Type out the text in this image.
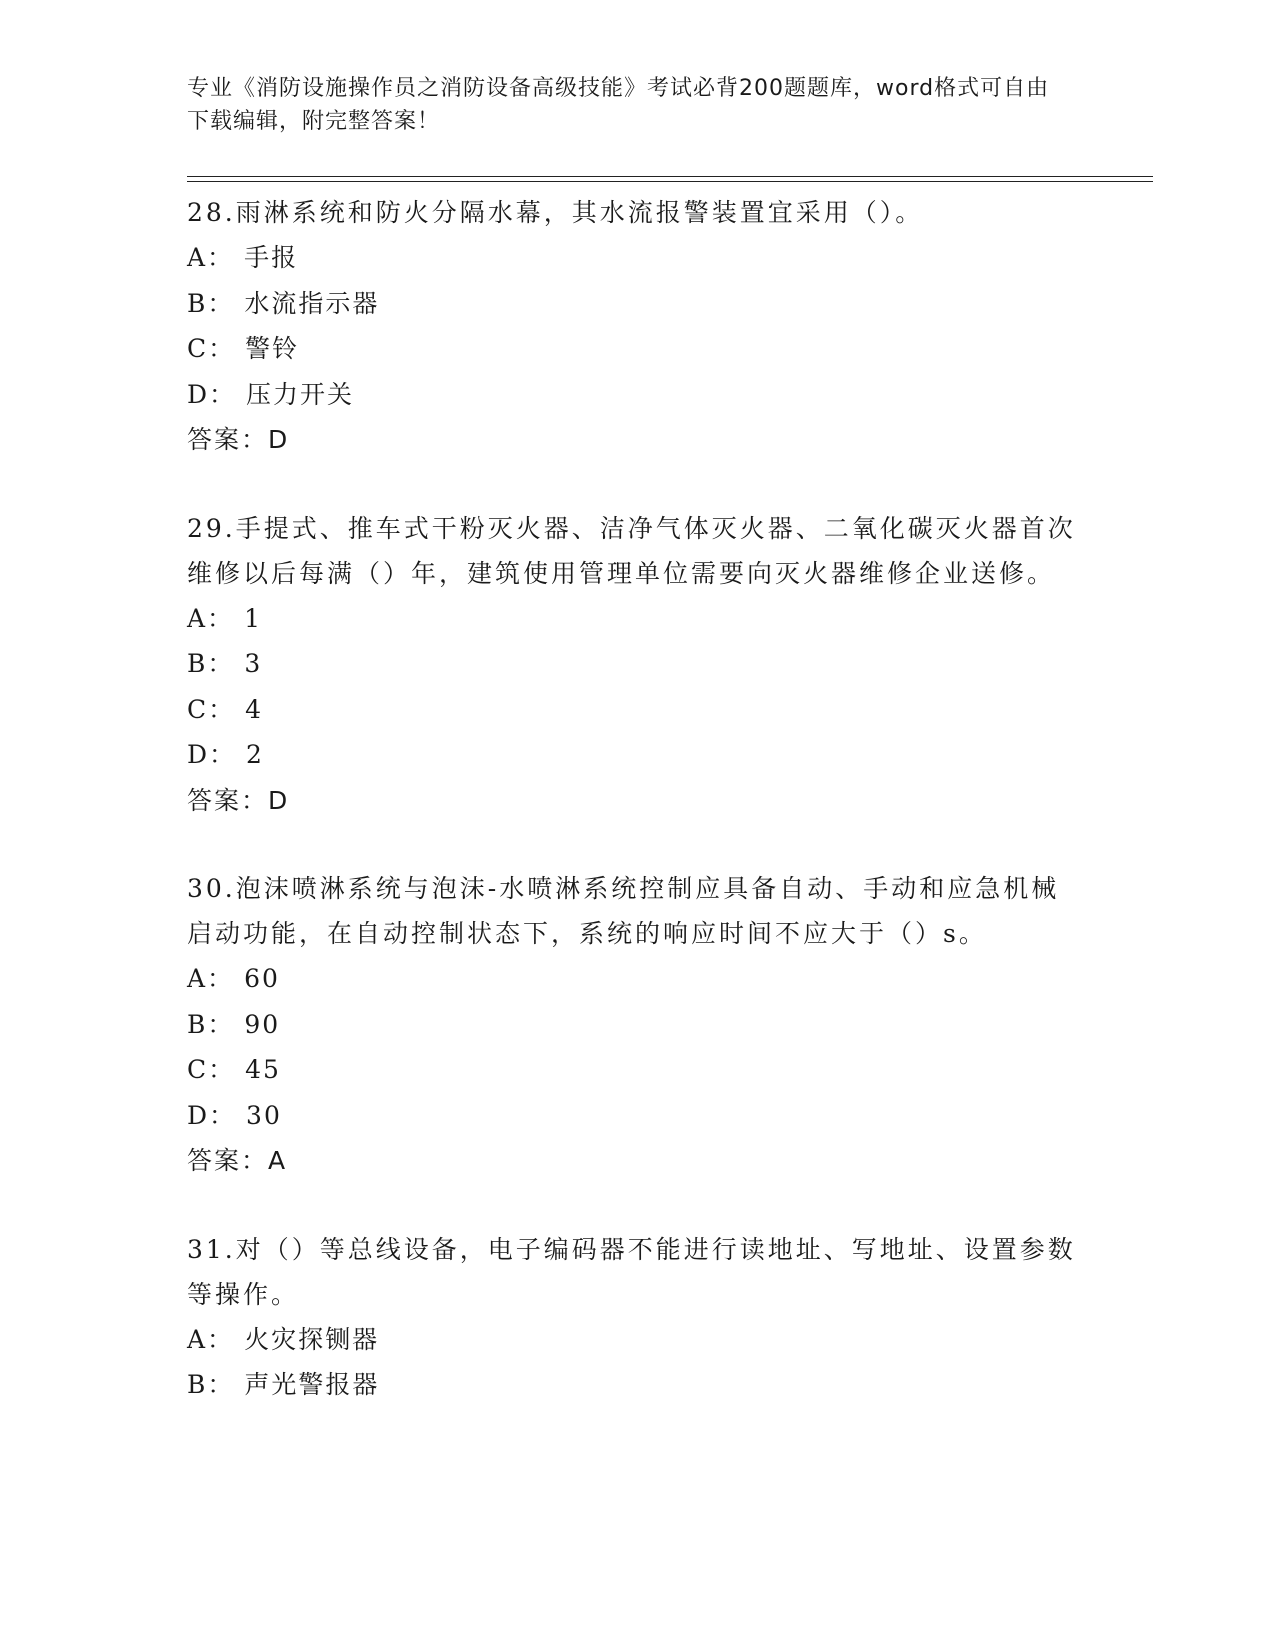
专业《消防设施操作员之消防设备高级技能》考试必背200题题库，word格式可自由下载编辑，附完整答案！

28.雨淋系统和防火分隔水幕，其水流报警装置宜采用（）。

A： 手报
B： 水流指示器
C： 警铃
D： 压力开关
答案：D

29.手提式、推车式干粉灭火器、洁净气体灭火器、二氧化碳灭火器首次维修以后每满（）年，建筑使用管理单位需要向灭火器维修企业送修。

A： 1
B： 3
C： 4
D： 2
答案：D

30.泡沫喷淋系统与泡沫-水喷淋系统控制应具备自动、手动和应急机械启动功能，在自动控制状态下，系统的响应时间不应大于（）s。

A： 60
B： 90
C： 45
D： 30
答案：A

31.对（）等总线设备，电子编码器不能进行读地址、写地址、设置参数等操作。

A： 火灾探铡器
B： 声光警报器
